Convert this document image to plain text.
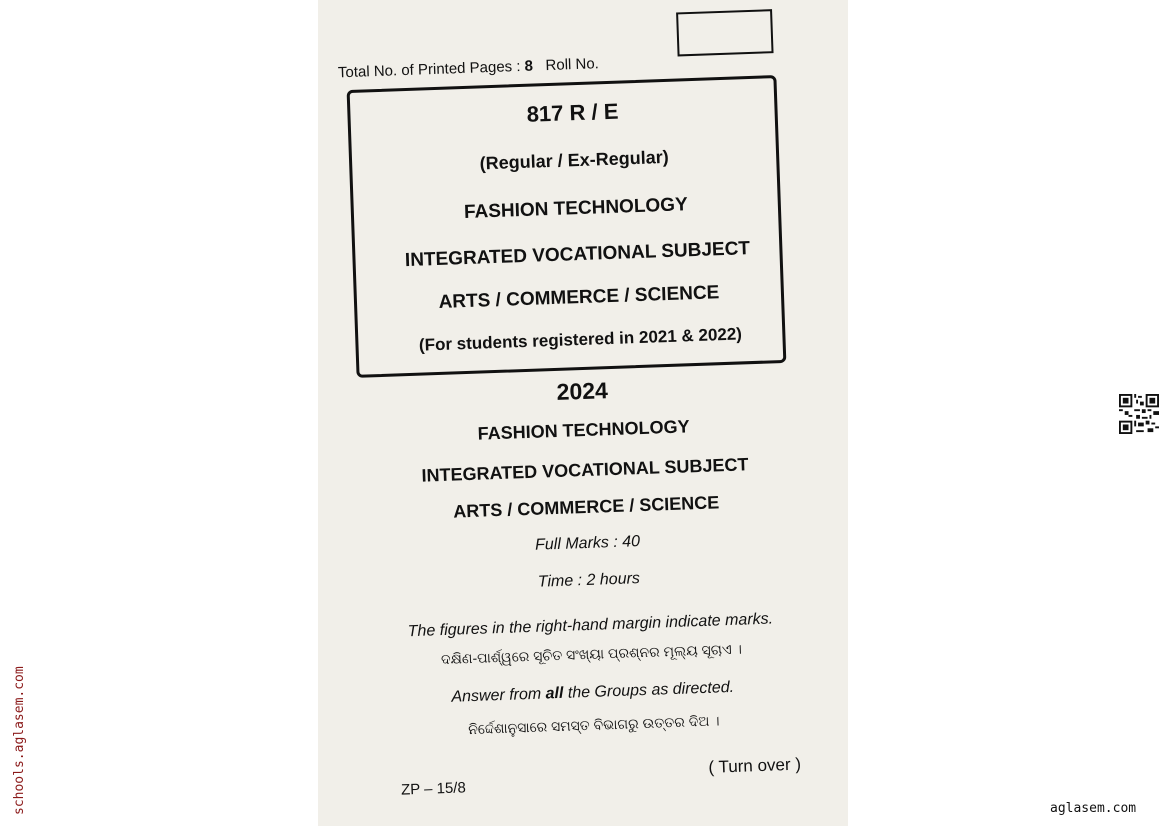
Total No. of Printed Pages : 8 Roll No.
817 R / E
(Regular / Ex-Regular)
FASHION TECHNOLOGY
INTEGRATED VOCATIONAL SUBJECT
ARTS / COMMERCE / SCIENCE
(For students registered in 2021 & 2022)
2024
FASHION TECHNOLOGY
INTEGRATED VOCATIONAL SUBJECT
ARTS / COMMERCE / SCIENCE
Full Marks : 40
Time : 2 hours
The figures in the right-hand margin indicate marks.
ଦକ୍ଷିଣ-ପାର୍ଶ୍ୱରେ ସୂଚିତ ସଂଖ୍ୟା ପ୍ରଶ୍ନର ମୂଲ୍ୟ ସୂଚାଏ ।
Answer from all the Groups as directed.
ନିର୍ଦ୍ଦେଶାନୁସାରେ ସମସ୍ତ ବିଭାଗରୁ ଉତ୍ତର ଦିଅ ।
ZP – 15/8
( Turn over )
schools.aglasem.com	aglasem.com
